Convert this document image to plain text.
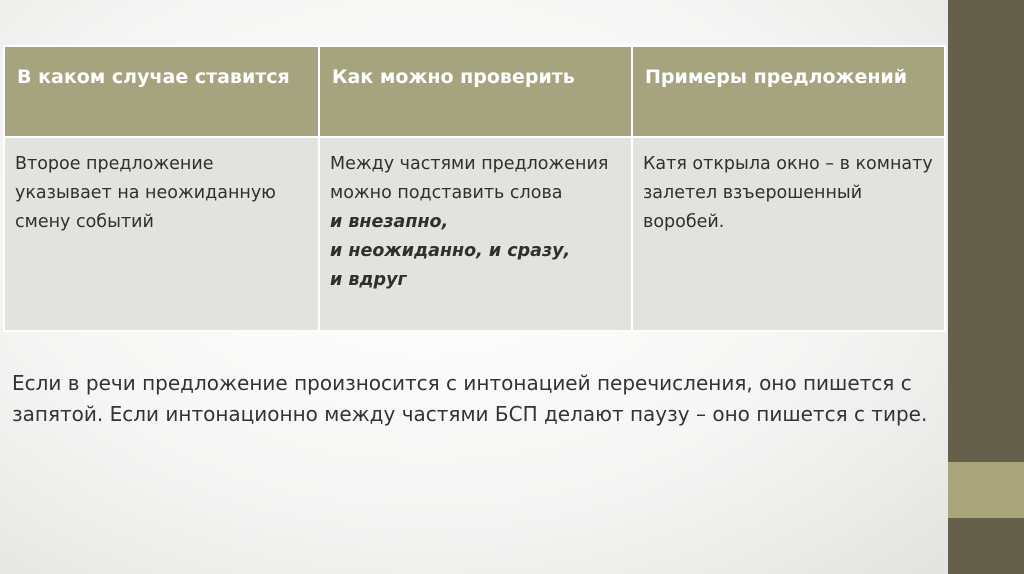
В каком случае ставится	Как можно проверить	Примеры предложений

Второе предложение указывает на неожиданную смену событий	Между частями предложения можно подставить слова
и внезапно,
и неожиданно, и сразу,
и вдруг	Катя открыла окно – в комнату залетел взъерошенный воробей.
Если в речи предложение произносится с интонацией перечисления, оно пишется с запятой. Если интонационно между частями БСП делают паузу – оно пишется с тире.
